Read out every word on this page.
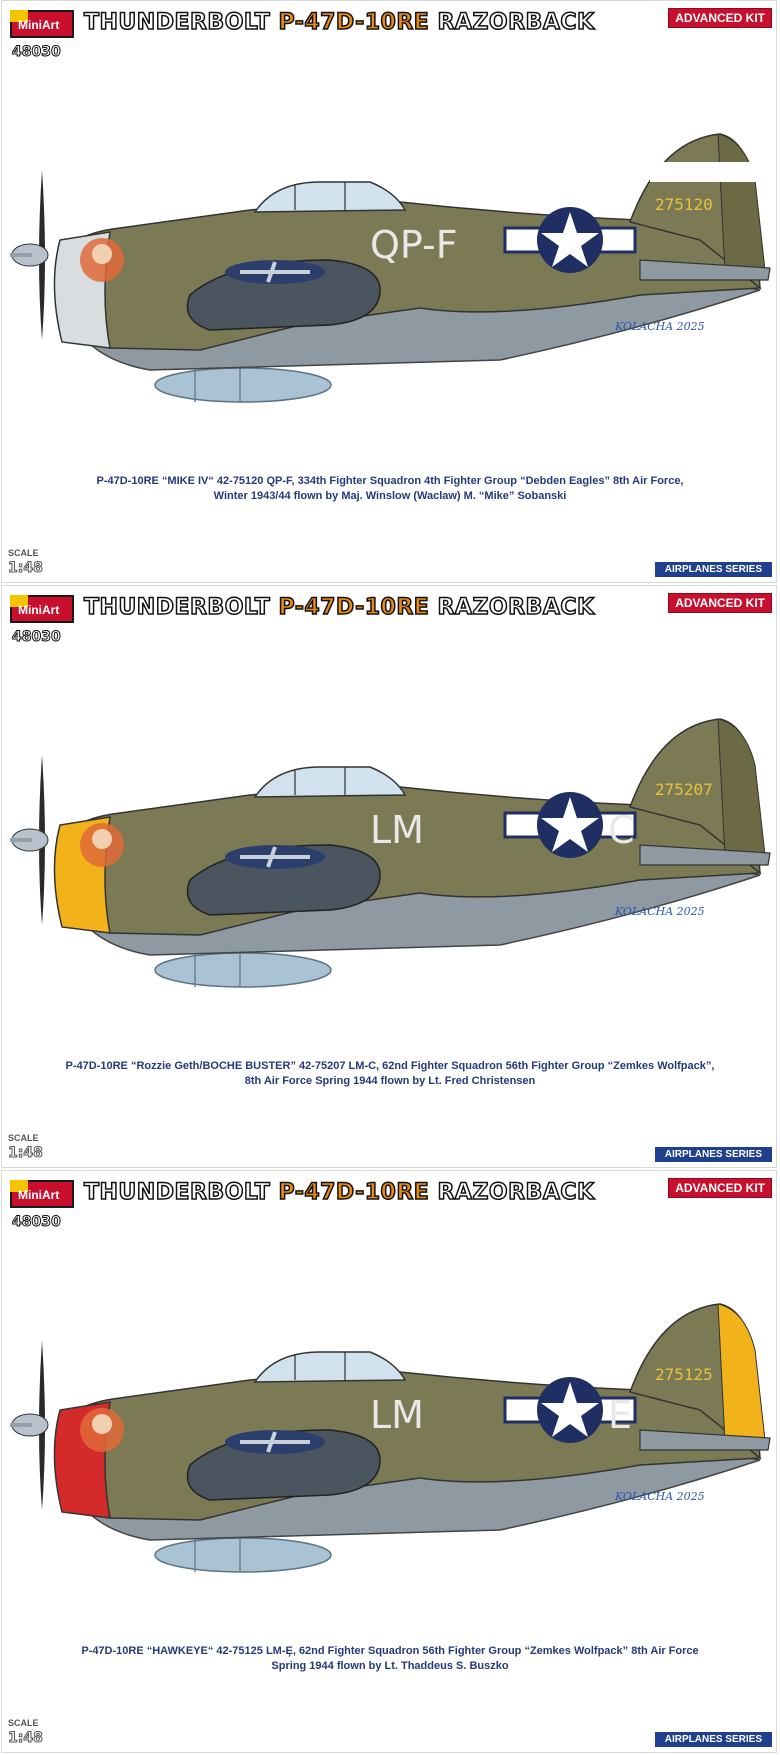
MiniArt THUNDERBOLT P-47D-10RE RAZORBACK
48030
ADVANCED KIT
275120
QP-F
KOLACHA 2025
P-47D-10RE “MIKE IV“ 42-75120 QP-F, 334th Fighter Squadron 4th Fighter Group “Debden Eagles” 8th Air Force,
Winter 1943/44 flown by Maj. Winslow (Waclaw) M. “Mike” Sobanski
SCALE
1:48	AIRPLANES SERIES
MiniArt THUNDERBOLT P-47D-10RE RAZORBACK
48030
ADVANCED KIT
275207
LM	C
KOLACHA 2025
P-47D-10RE “Rozzie Geth/BOCHE BUSTER” 42-75207 LM-C, 62nd Fighter Squadron 56th Fighter Group “Zemkes Wolfpack”,
8th Air Force Spring 1944 flown by Lt. Fred Christensen
SCALE
1:48	AIRPLANES SERIES
MiniArt THUNDERBOLT P-47D-10RE RAZORBACK
48030
ADVANCED KIT
275125
LM	E
KOLACHA 2025
P-47D-10RE “HAWKEYE“ 42-75125 LM-Ȩ, 62nd Fighter Squadron 56th Fighter Group “Zemkes Wolfpack” 8th Air Force
Spring 1944 flown by Lt. Thaddeus S. Buszko
SCALE
1:48	AIRPLANES SERIES
